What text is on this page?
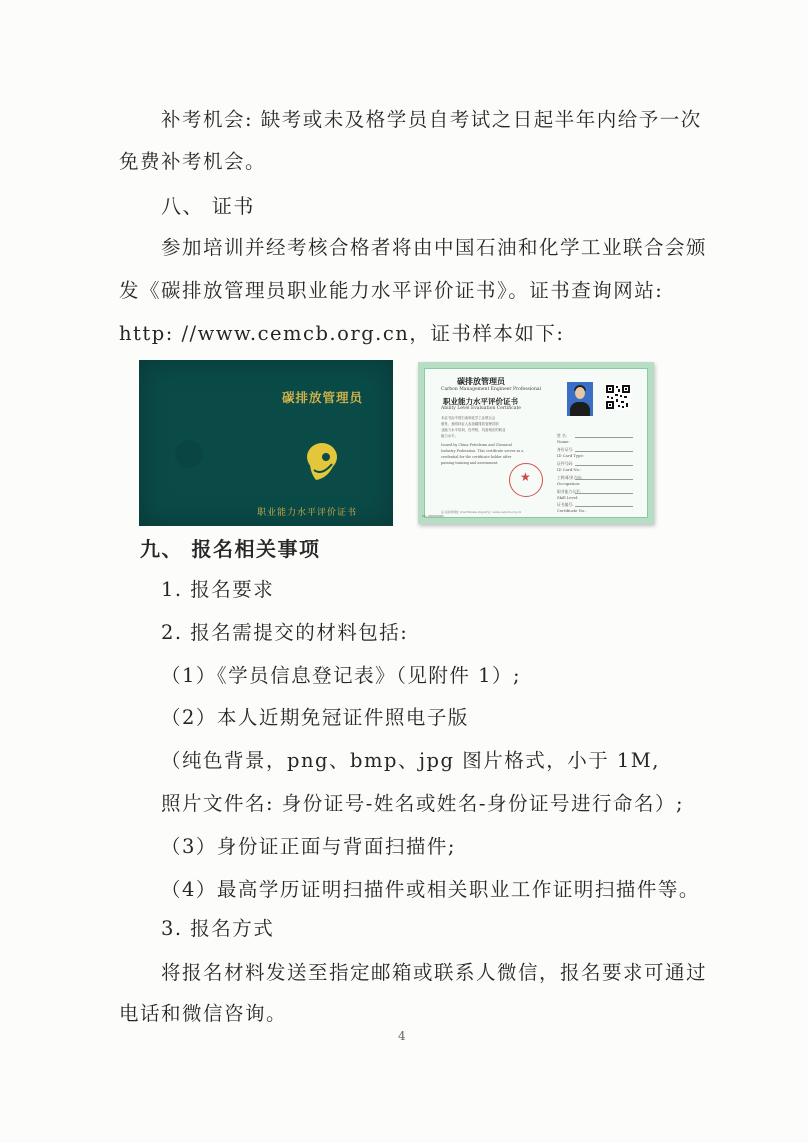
补考机会: 缺考或未及格学员自考试之日起半年内给予一次
免费补考机会。
八、 证书
参加培训并经考核合格者将由中国石油和化学工业联合会颁
发《碳排放管理员职业能力水平评价证书》。证书查询网站:
http: //www.cemcb.org.cn，证书样本如下:
碳排放管理员
职业能力水平评价证书
碳排放管理员
Carbon Management Engineer Professional
职业能力水平评价证书
Ability Level Evaluation Certificate
本证书由中国石油和化学工业联合会
颁发，表明持证人参加碳排放管理员职
业能力水平培训，经考核，具备相应的职业
能力水平。
Issued by China Petroleum and Chemical
Industry Federation. This certificate serves as a
credential for the certificate holder after
passing training and assessment.
姓 名:
Name:
身份证号:
ID Card Type:
证件号码:
ID Card No.:
工种/职业方向:
Occupation:
职业能力水平:
Skill Level:
证书编号:
Certificate No.:
★
证书查询网址 (Certificate Inquiry): www.cemcb.org.cn
No. 00000000
九、 报名相关事项
1. 报名要求
2. 报名需提交的材料包括:
（1）《学员信息登记表》（见附件 1）;
（2）本人近期免冠证件照电子版
（纯色背景，png、bmp、jpg 图片格式，小于 1M,
照片文件名: 身份证号-姓名或姓名-身份证号进行命名）;
（3）身份证正面与背面扫描件;
（4）最高学历证明扫描件或相关职业工作证明扫描件等。
3. 报名方式
将报名材料发送至指定邮箱或联系人微信，报名要求可通过
电话和微信咨询。
4
